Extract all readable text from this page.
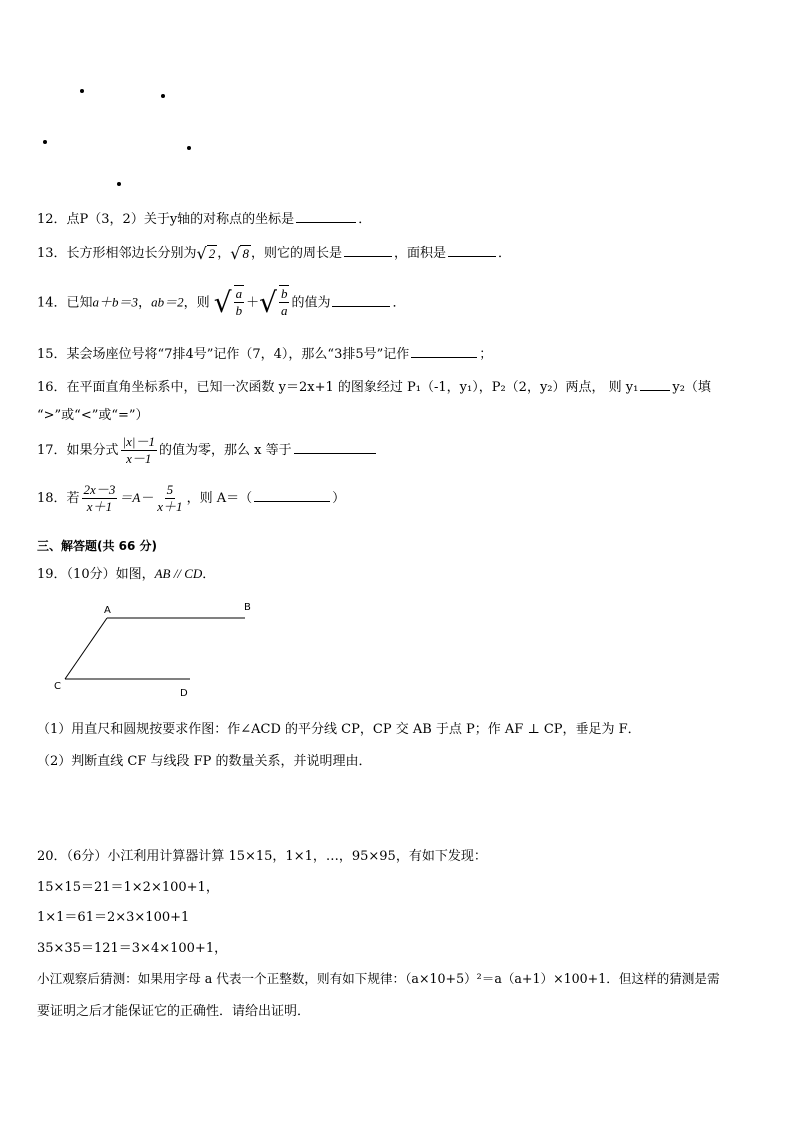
12．点P（3，2）关于y轴的对称点的坐标是	．
13．长方形相邻边长分别为 √ 2 ， √ 8 ，则它的周长是	，面积是	．
14．已知a＋b＝3，ab＝2，则 √ $\frac{a}{b}$ ＋ √ $\frac{b}{a}$ 的值为	．
15．某会场座位号将“7排4号”记作（7，4），那么“3排5号”记作	；
16．在平面直角坐标系中，已知一次函数 y＝2x+1 的图象经过 P₁（-1，y₁），P₂（2，y₂）两点， 则 y₁	y₂（填
“>”或“<”或“=”）
17．如果分式 $\frac{|x|-1}{x-1}$ 的值为零，那么 x 等于
18．若 $\frac{2x-3}{x+1} =A- \frac{5}{x+1}$ ，则 A＝（	）
三、解答题(共 66 分)
19．（10分）如图，AB // CD．
A
C
D
B
（1）用直尺和圆规按要求作图：作∠ACD 的平分线 CP，CP 交 AB 于点 P；作 AF ⊥ CP，垂足为 F．
（2）判断直线 CF 与线段 FP 的数量关系，并说明理由．
20．（6分）小江利用计算器计算 15×15，1×1，…，95×95，有如下发现：
15×15＝21＝1×2×100+1，
1×1＝61＝2×3×100+1
35×35＝121＝3×4×100+1，
小江观察后猜测：如果用字母 a 代表一个正整数，则有如下规律：（a×10+5）²＝a（a+1）×100+1．但这样的猜测是需
要证明之后才能保证它的正确性．请给出证明．
